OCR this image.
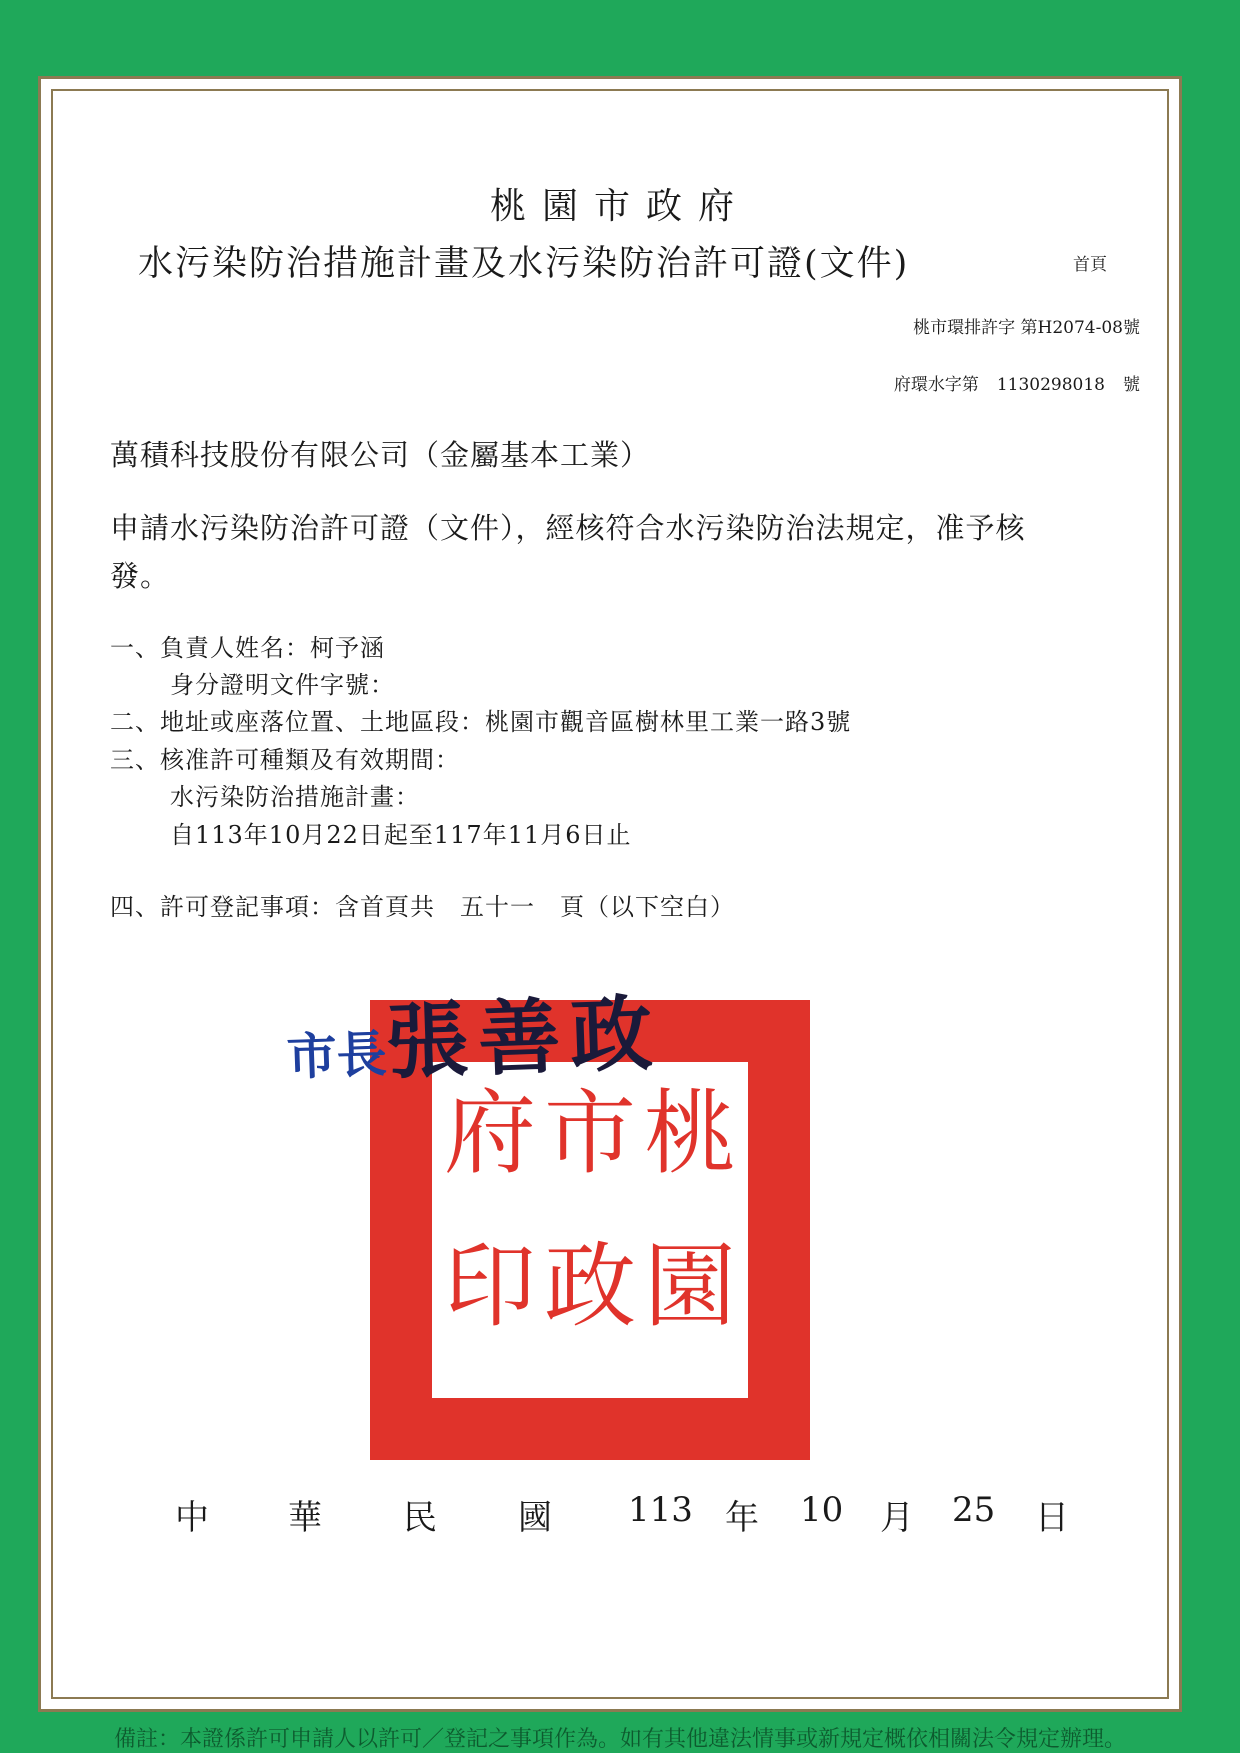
桃園市政府
水污染防治措施計畫及水污染防治許可證(文件)	首頁
桃市環排許字 第H2074-08號
府環水字第 1130298018 號
萬積科技股份有限公司（金屬基本工業）
申請水污染防治許可證（文件），經核符合水污染防治法規定，准予核發。
一、負責人姓名：柯予涵
身分證明文件字號：
二、地址或座落位置、土地區段：桃園市觀音區樹林里工業一路3號
三、核准許可種類及有效期間：
水污染防治措施計畫：
自113年10月22日起至117年11月6日止
四、許可登記事項：含首頁共　五十一　頁（以下空白）
桃
園
市
政
府
印
市長張善政
中 華 民 國 113 年 10 月 25 日
備註：本證係許可申請人以許可／登記之事項作為。如有其他違法情事或新規定概依相關法令規定辦理。
